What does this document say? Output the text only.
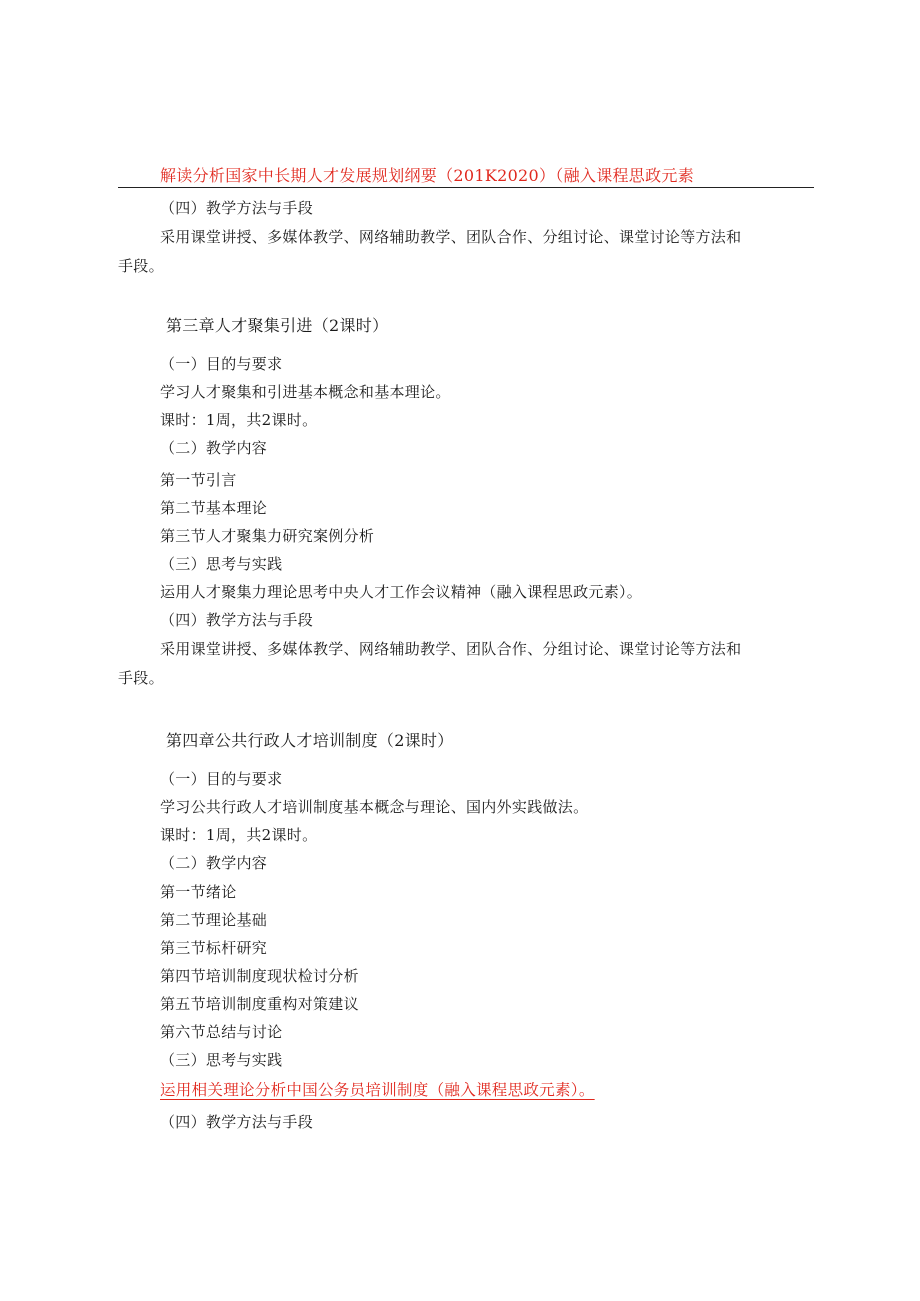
解读分析国家中长期人才发展规划纲要（201K2020）（融入课程思政元素
（四）教学方法与手段
采用课堂讲授、多媒体教学、网络辅助教学、团队合作、分组讨论、课堂讨论等方法和
手段。
第三章人才聚集引进（2课时）
（一）目的与要求
学习人才聚集和引进基本概念和基本理论。
课时：1周，共2课时。
（二）教学内容
第一节引言
第二节基本理论
第三节人才聚集力研究案例分析
（三）思考与实践
运用人才聚集力理论思考中央人才工作会议精神（融入课程思政元素）。
（四）教学方法与手段
采用课堂讲授、多媒体教学、网络辅助教学、团队合作、分组讨论、课堂讨论等方法和
手段。
第四章公共行政人才培训制度（2课时）
（一）目的与要求
学习公共行政人才培训制度基本概念与理论、国内外实践做法。
课时：1周，共2课时。
（二）教学内容
第一节绪论
第二节理论基础
第三节标杆研究
第四节培训制度现状检讨分析
第五节培训制度重构对策建议
第六节总结与讨论
（三）思考与实践
运用相关理论分析中国公务员培训制度（融入课程思政元素）。
（四）教学方法与手段
